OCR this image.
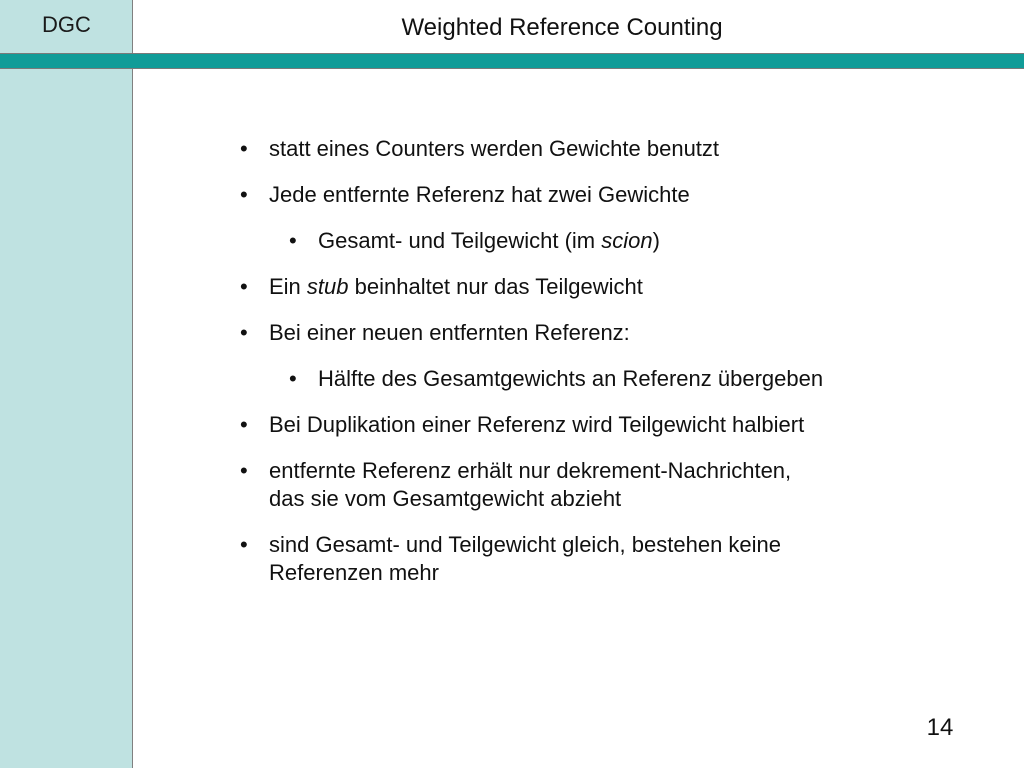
DGC	Weighted Reference Counting
• statt eines Counters werden Gewichte benutzt
• Jede entfernte Referenz hat zwei Gewichte
• Gesamt- und Teilgewicht (im scion)
• Ein stub beinhaltet nur das Teilgewicht
• Bei einer neuen entfernten Referenz:
• Hälfte des Gesamtgewichts an Referenz übergeben
• Bei Duplikation einer Referenz wird Teilgewicht halbiert
• entfernte Referenz erhält nur dekrement-Nachrichten,
das sie vom Gesamtgewicht abzieht
• sind Gesamt- und Teilgewicht gleich, bestehen keine
Referenzen mehr
14
